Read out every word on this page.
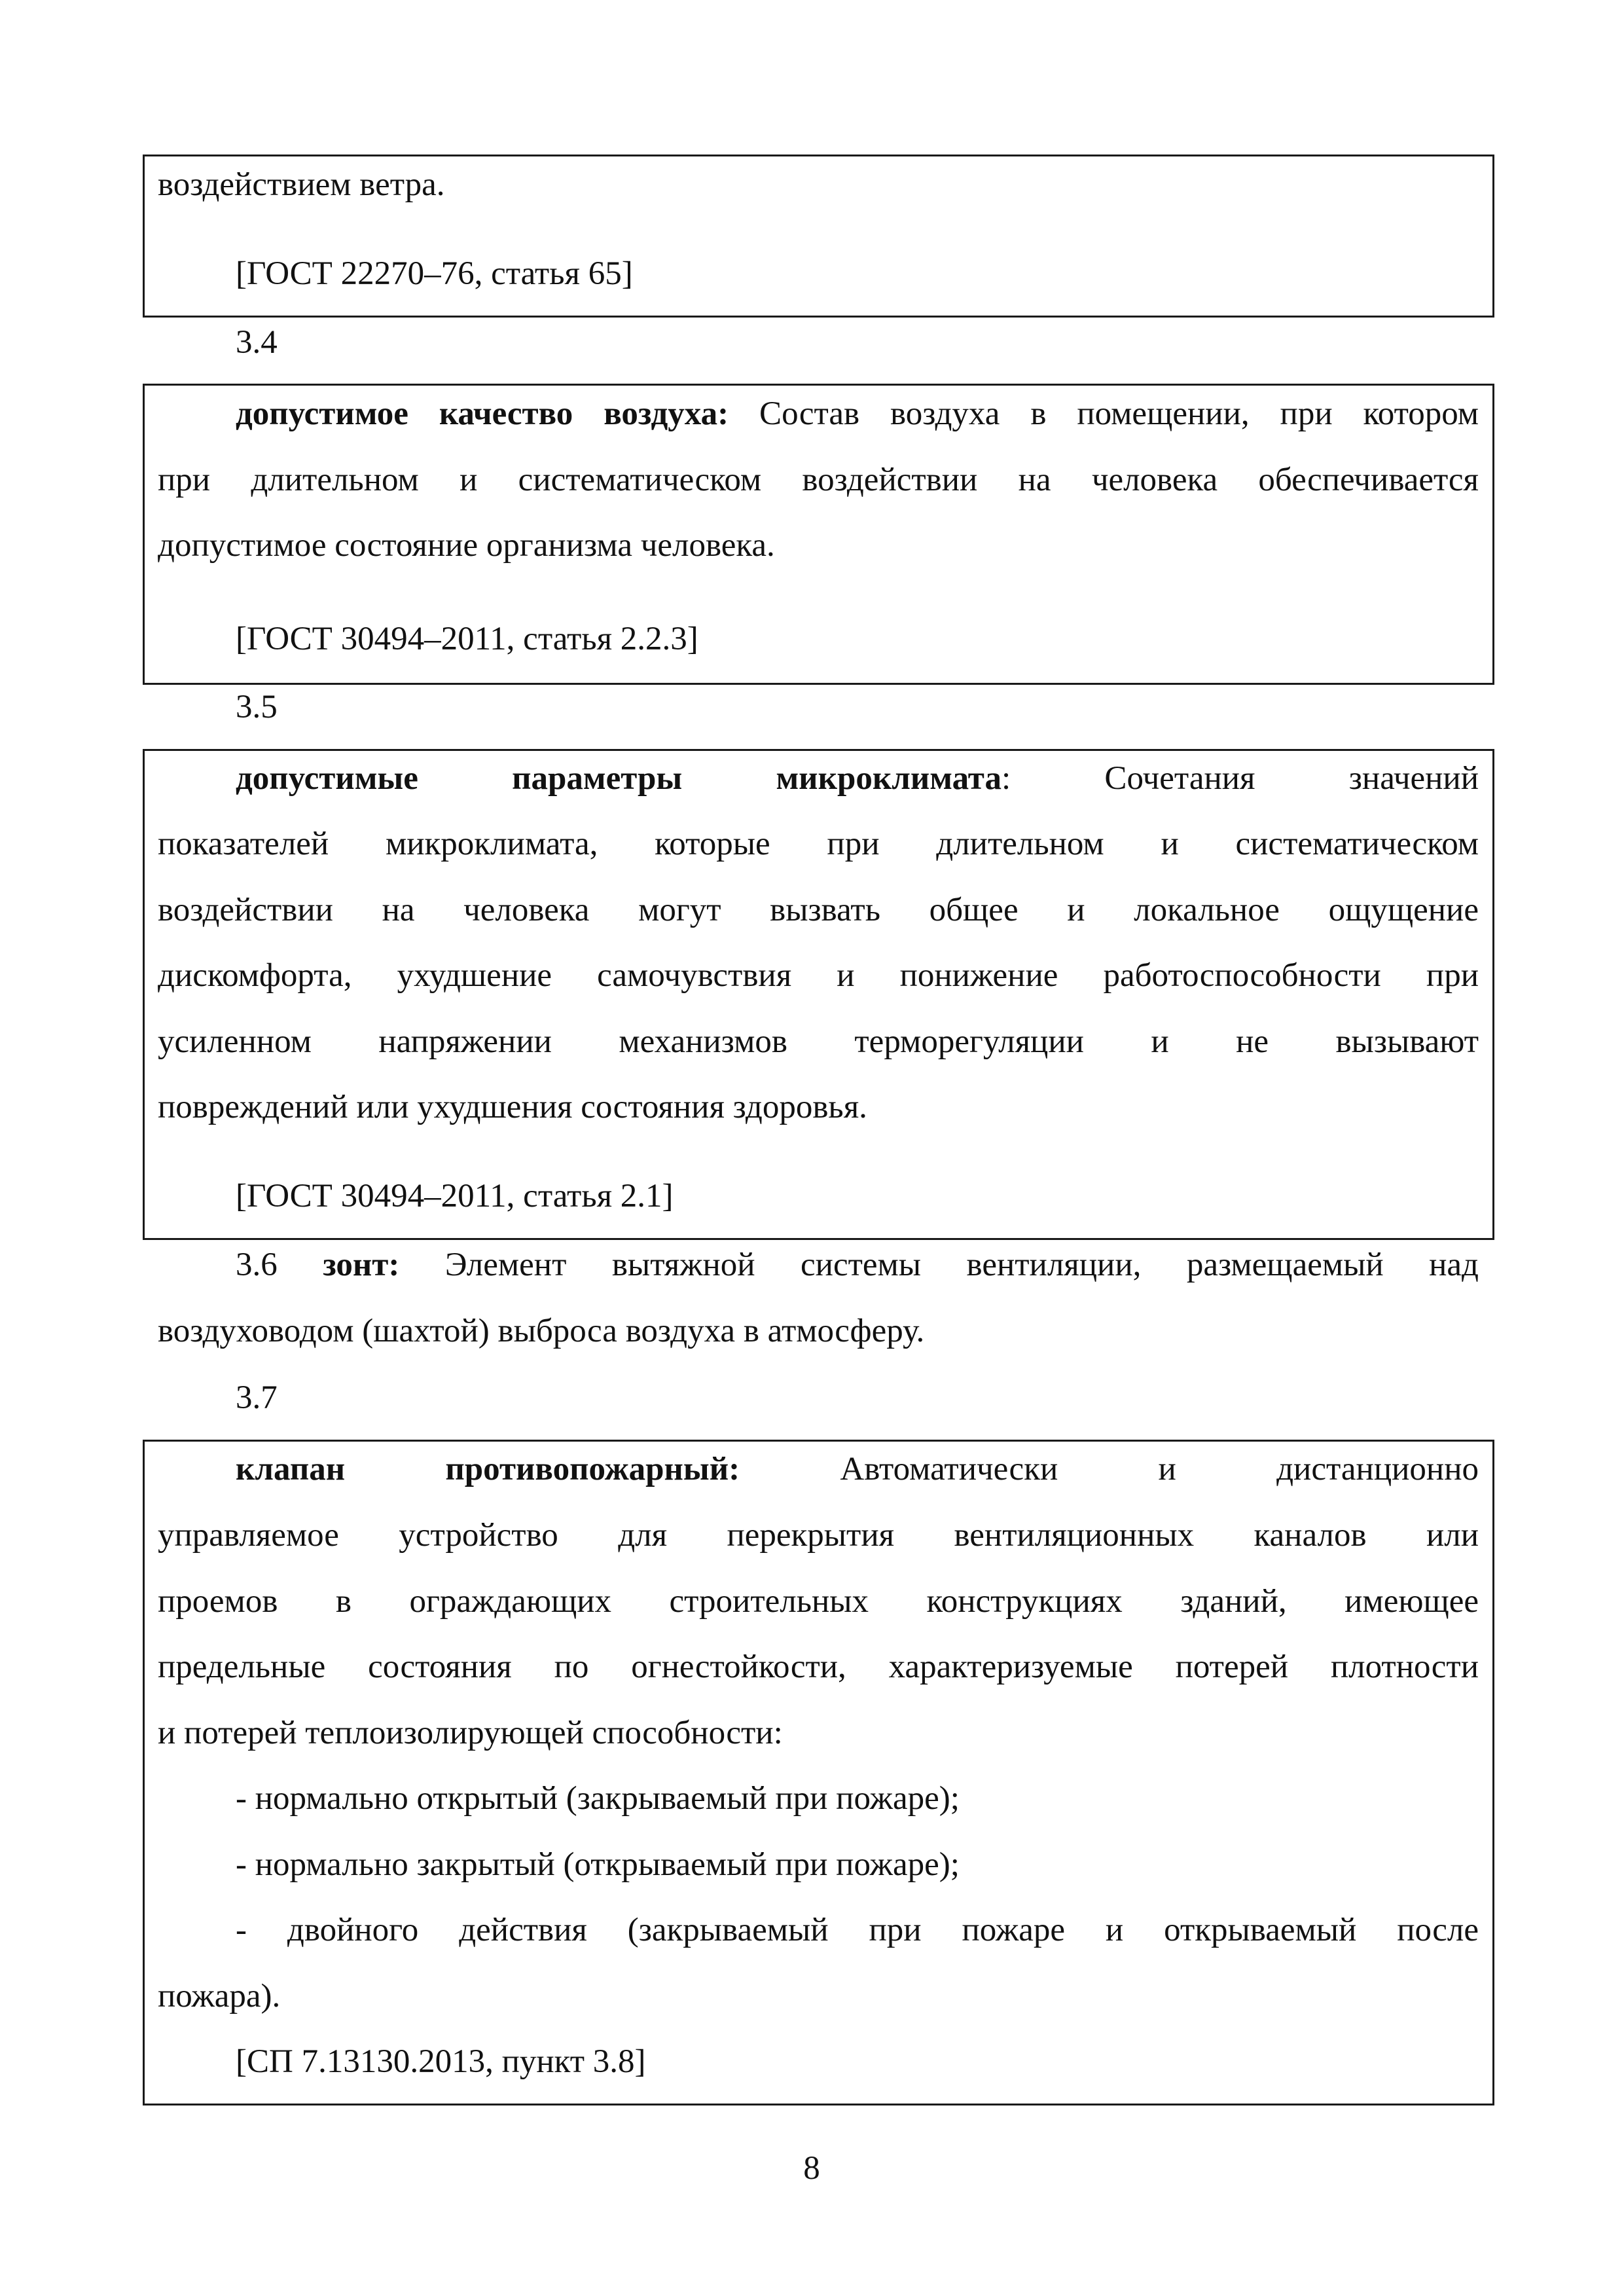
воздействием ветра.
[ГОСТ 22270–76, статья 65]
3.4
допустимое качество воздуха: Состав воздуха в помещении, при котором
при длительном и систематическом воздействии на человека обеспечивается
допустимое состояние организма человека.
[ГОСТ 30494–2011, статья 2.2.3]
3.5
допустимые параметры микроклимата:	Сочетания значений
показателей микроклимата, которые при длительном и систематическом
воздействии на человека могут вызвать общее и локальное ощущение
дискомфорта, ухудшение самочувствия и понижение работоспособности при
усиленном напряжении механизмов терморегуляции и не вызывают
повреждений или ухудшения состояния здоровья.
[ГОСТ 30494–2011, статья 2.1]
3.6 зонт: Элемент вытяжной системы вентиляции, размещаемый над
воздуховодом (шахтой) выброса воздуха в атмосферу.
3.7
клапан противопожарный:	Автоматически и дистанционно
управляемое устройство для перекрытия вентиляционных каналов или
проемов в ограждающих строительных конструкциях зданий, имеющее
предельные состояния по огнестойкости, характеризуемые потерей плотности
и потерей теплоизолирующей способности:
- нормально открытый (закрываемый при пожаре);
- нормально закрытый (открываемый при пожаре);
- двойного действия (закрываемый при пожаре и открываемый после
пожара).
[СП 7.13130.2013, пункт 3.8]
8
